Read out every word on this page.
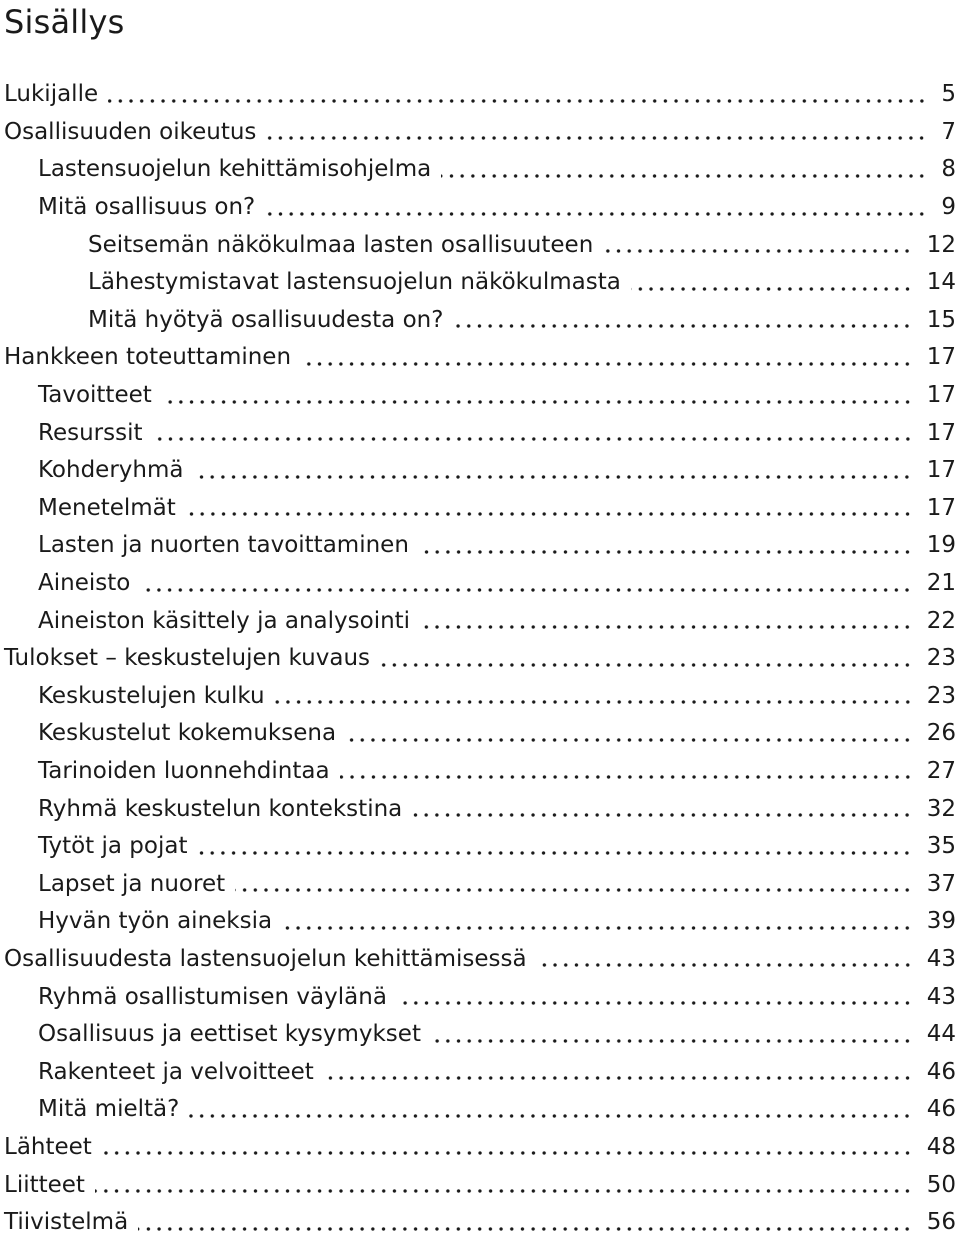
Sisällys
Lukijalle	5
Osallisuuden oikeutus	7
Lastensuojelun kehittämisohjelma	8
Mitä osallisuus on?	9
Seitsemän näkökulmaa lasten osallisuuteen	12
Lähestymistavat lastensuojelun näkökulmasta	14
Mitä hyötyä osallisuudesta on?	15
Hankkeen toteuttaminen	17
Tavoitteet	17
Resurssit	17
Kohderyhmä	17
Menetelmät	17
Lasten ja nuorten tavoittaminen	19
Aineisto	21
Aineiston käsittely ja analysointi	22
Tulokset – keskustelujen kuvaus	23
Keskustelujen kulku	23
Keskustelut kokemuksena	26
Tarinoiden luonnehdintaa	27
Ryhmä keskustelun kontekstina	32
Tytöt ja pojat	35
Lapset ja nuoret	37
Hyvän työn aineksia	39
Osallisuudesta lastensuojelun kehittämisessä	43
Ryhmä osallistumisen väylänä	43
Osallisuus ja eettiset kysymykset	44
Rakenteet ja velvoitteet	46
Mitä mieltä?	46
Lähteet	48
Liitteet	50
Tiivistelmä	56
